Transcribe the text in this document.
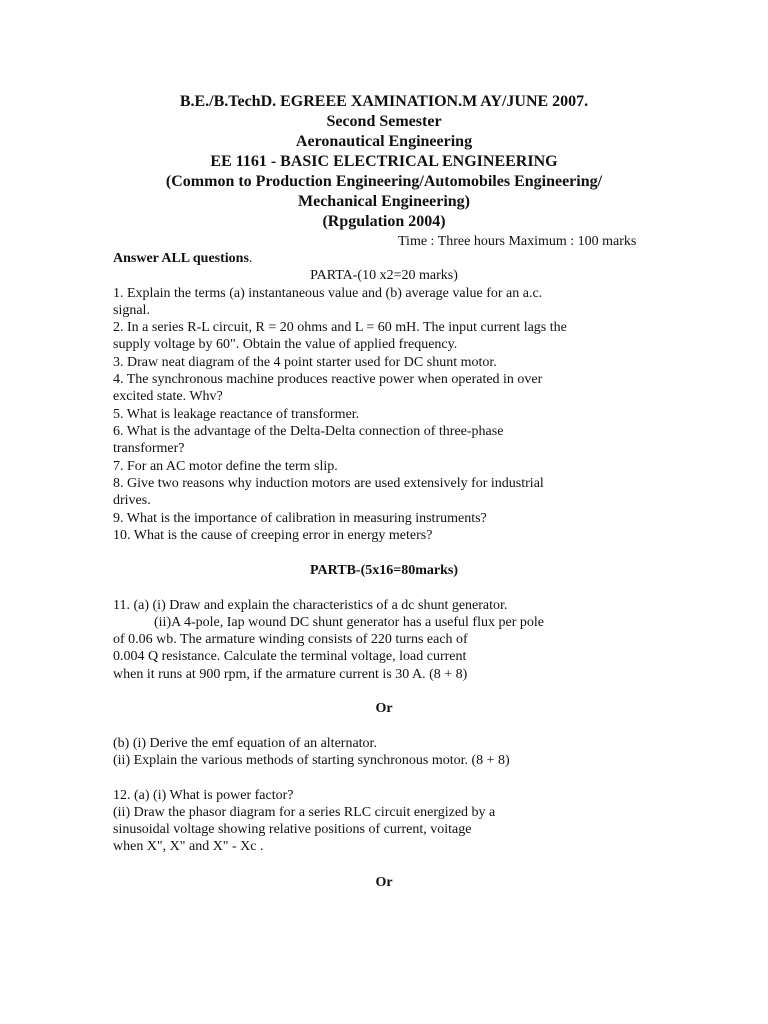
B.E./B.TechD. EGREEE XAMINATION.M AY/JUNE 2007.
Second Semester
Aeronautical Engineering
EE 1161 - BASIC ELECTRICAL ENGINEERING
(Common to Production Engineering/Automobiles Engineering/
Mechanical Engineering)
(Rpgulation 2004)
Time : Three hours Maximum : 100 marks
Answer ALL questions.
PARTA-(10 x2=20 marks)
1. Explain the terms (a) instantaneous value and (b) average value for an a.c.
signal.
2. In a series R-L circuit, R = 20 ohms and L = 60 mH. The input current lags the
supply voltage by 60". Obtain the value of applied frequency.
3. Draw neat diagram of the 4 point starter used for DC shunt motor.
4. The synchronous machine produces reactive power when operated in over
excited state. Whv?
5. What is leakage reactance of transformer.
6. What is the advantage of the Delta-Delta connection of three-phase
transformer?
7. For an AC motor define the term slip.
8. Give two reasons why induction motors are used extensively for industrial
drives.
9. What is the importance of calibration in measuring instruments?
10. What is the cause of creeping error in energy meters?
PARTB-(5x16=80marks)
11. (a) (i) Draw and explain the characteristics of a dc shunt generator.
(ii)A 4-pole, Iap wound DC shunt generator has a useful flux per pole
of 0.06 wb. The armature winding consists of 220 turns each of
0.004 Q resistance. Calculate the terminal voltage, load current
when it runs at 900 rpm, if the armature current is 30 A. (8 + 8)
Or
(b) (i) Derive the emf equation of an alternator.
(ii) Explain the various methods of starting synchronous motor. (8 + 8)
12. (a) (i) What is power factor?
(ii) Draw the phasor diagram for a series RLC circuit energized by a
sinusoidal voltage showing relative positions of current, voitage
when X", X" and X" - Xc .
Or
